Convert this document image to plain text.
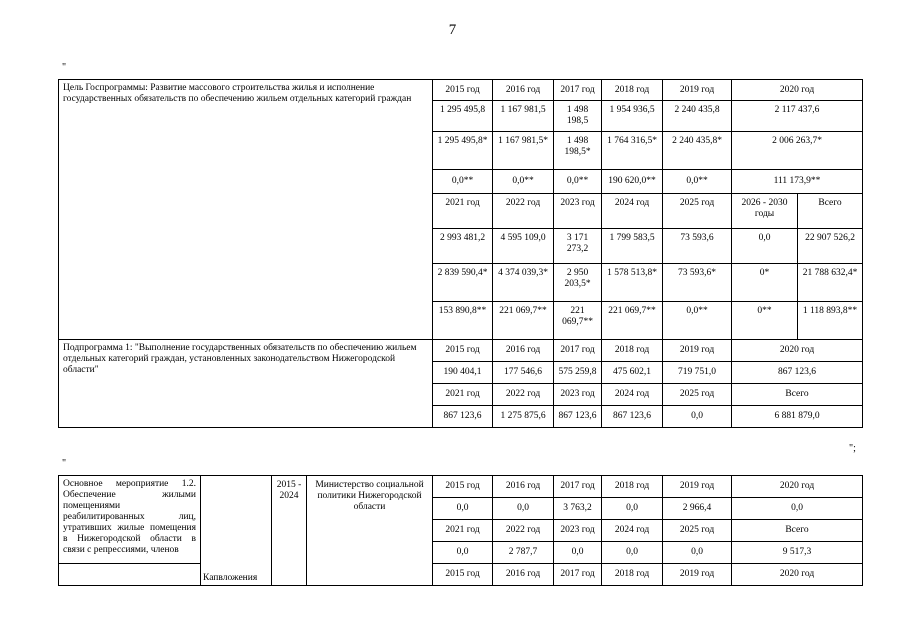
7
"
Цель Госпрограммы: Развитие массового строительства жилья и исполнение государственных обязательств по обеспечению жильем отдельных категорий граждан	2015 год	2016 год	2017 год	2018 год	2019 год	2020 год	
	1 295 495,8	1 167 981,5	1 498 198,5	1 954 936,5	2 240 435,8	2 117 437,6	
	1 295 495,8*	1 167 981,5*	1 498 198,5*	1 764 316,5*	2 240 435,8*	2 006 263,7*	
	0,0**	0,0**	0,0**	190 620,0**	0,0**	111 173,9**	
	2021 год	2022 год	2023 год	2024 год	2025 год	2026 - 2030 годы	Всего
	2 993 481,2	4 595 109,0	3 171 273,2	1 799 583,5	73 593,6	0,0	22 907 526,2
	2 839 590,4*	4 374 039,3*	2 950 203,5*	1 578 513,8*	73 593,6*	0*	21 788 632,4*
	153 890,8**	221 069,7**	221 069,7**	221 069,7**	0,0**	0**	1 118 893,8**
Подпрограмма 1: "Выполнение государственных обязательств по обеспечению жильем отдельных категорий граждан, установленных законодательством Нижегородской области"	2015 год	2016 год	2017 год	2018 год	2019 год	2020 год	
	190 404,1	177 546,6	575 259,8	475 602,1	719 751,0	867 123,6	
	2021 год	2022 год	2023 год	2024 год	2025 год	Всего	
	867 123,6	1 275 875,6	867 123,6	867 123,6	0,0	6 881 879,0	
";
"
Основное мероприятие 1.2. Обеспечение жилыми помещениями реабилитированных лиц, утративших жилые помещения в Нижегородской области в связи с репрессиями, членов		2015 - 2024	Министерство социальной политики Нижегородской области	2015 год	2016 год	2017 год	2018 год	2019 год	2020 год
				0,0	0,0	3 763,2	0,0	2 966,4	0,0
				2021 год	2022 год	2023 год	2024 год	2025 год	Всего
				0,0	2 787,7	0,0	0,0	0,0	9 517,3
	Капвложения			2015 год	2016 год	2017 год	2018 год	2019 год	2020 год
